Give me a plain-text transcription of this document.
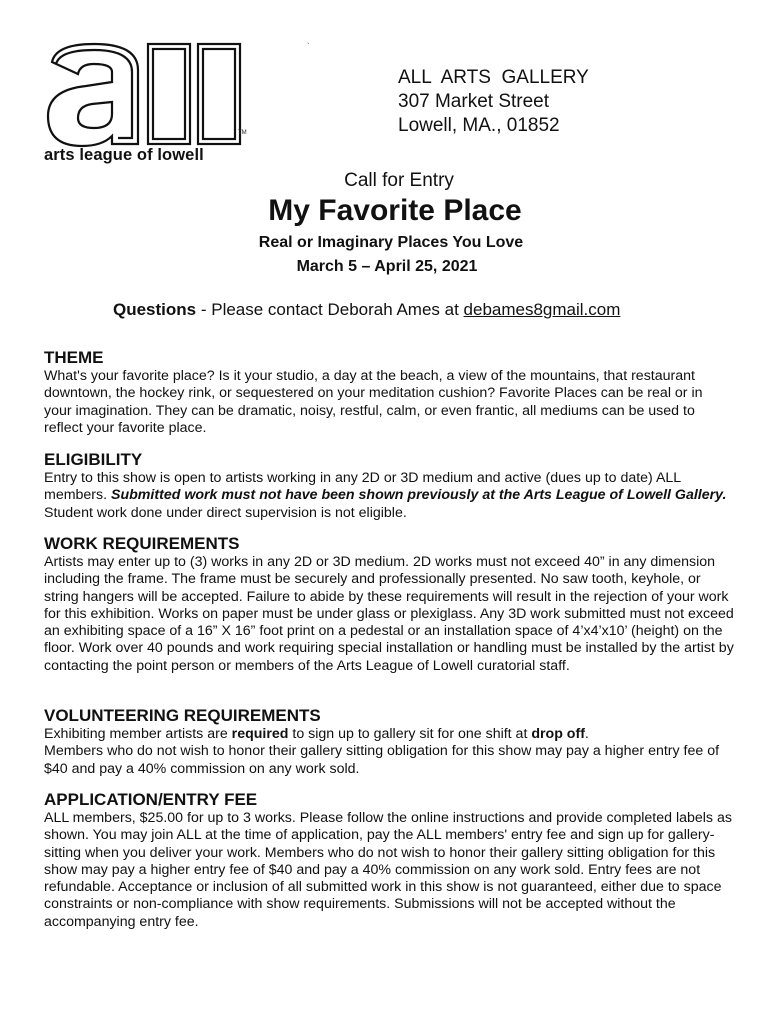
TM
arts league of lowell
`
ALL  ARTS  GALLERY
307 Market Street
Lowell, MA., 01852
Call for Entry
My Favorite Place
Real or Imaginary Places You Love
March 5 – April 25, 2021
Questions - Please contact Deborah Ames at debames8gmail.com
THEME

What's your favorite place? Is it your studio, a day at the beach, a view of the mountains, that restaurant downtown, the hockey rink, or sequestered on your meditation cushion? Favorite Places can be real or in your imagination. They can be dramatic, noisy, restful, calm, or even frantic, all mediums can be used to reflect your favorite place.

ELIGIBILITY

Entry to this show is open to artists working in any 2D or 3D medium and active (dues up to date) ALL members. Submitted work must not have been shown previously at the Arts League of Lowell Gallery. Student work done under direct supervision is not eligible.

WORK REQUIREMENTS

Artists may enter up to (3) works in any 2D or 3D medium. 2D works must not exceed 40” in any dimension including the frame. The frame must be securely and professionally presented. No saw tooth, keyhole, or string hangers will be accepted. Failure to abide by these requirements will result in the rejection of your work for this exhibition. Works on paper must be under glass or plexiglass. Any 3D work submitted must not exceed an exhibiting space of a 16” X 16” foot print on a pedestal or an installation space of 4’x4’x10’ (height) on the floor. Work over 40 pounds and work requiring special installation or handling must be installed by the artist by contacting the point person or members of the Arts League of Lowell curatorial staff.

VOLUNTEERING REQUIREMENTS

Exhibiting member artists are required to sign up to gallery sit for one shift at drop off.

Members who do not wish to honor their gallery sitting obligation for this show may pay a higher entry fee of $40 and pay a 40% commission on any work sold.

APPLICATION/ENTRY FEE

ALL members, $25.00 for up to 3 works. Please follow the online instructions and provide completed labels as shown. You may join ALL at the time of application, pay the ALL members' entry fee and sign up for gallery-sitting when you deliver your work. Members who do not wish to honor their gallery sitting obligation for this show may pay a higher entry fee of $40 and pay a 40% commission on any work sold. Entry fees are not refundable. Acceptance or inclusion of all submitted work in this show is not guaranteed, either due to space constraints or non-compliance with show requirements. Submissions will not be accepted without the accompanying entry fee.
